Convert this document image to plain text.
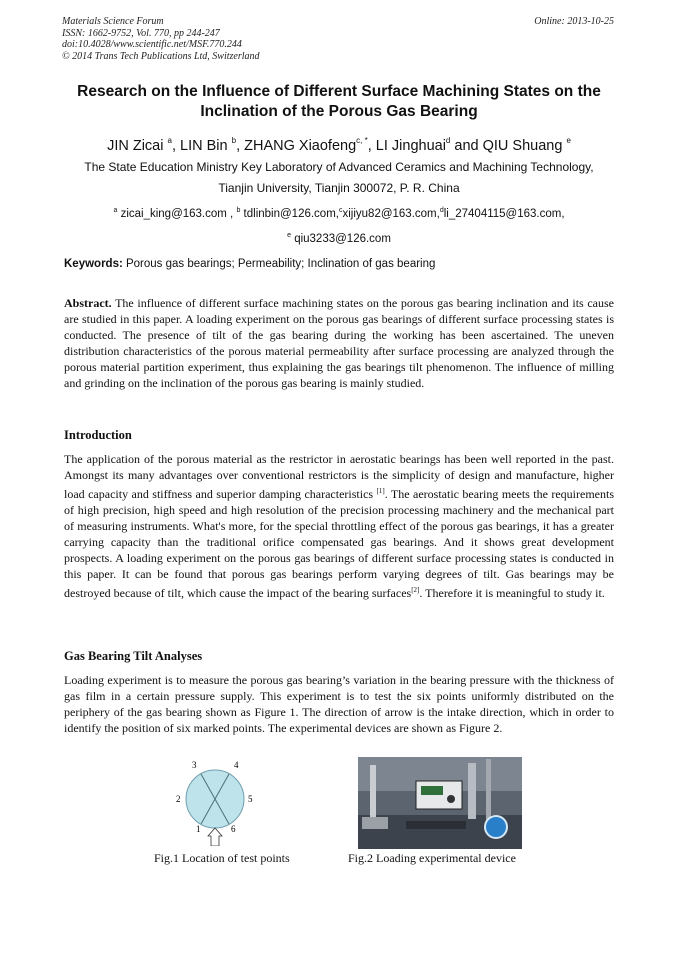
Materials Science Forum
ISSN: 1662-9752, Vol. 770, pp 244-247
doi:10.4028/www.scientific.net/MSF.770.244
© 2014 Trans Tech Publications Ltd, Switzerland
Online: 2013-10-25
Research on the Influence of Different Surface Machining States on the
Inclination of the Porous Gas Bearing
JIN Zicai $^a$, LIN Bin $^b$, ZHANG Xiaofeng$^{c, *}$, LI Jinghuai$^d$ and QIU Shuang $^e$
The State Education Ministry Key Laboratory of Advanced Ceramics and Machining Technology,
Tianjin University, Tianjin 300072, P. R. China
$^a$ zicai_king@163.com , $^b$ tdlinbin@126.com,$^c$xijiyu82@163.com,$^d$li_27404115@163.com,
$^e$ qiu3233@126.com
Keywords: Porous gas bearings; Permeability; Inclination of gas bearing
Abstract. The influence of different surface machining states on the porous gas bearing inclination and its cause are studied in this paper. A loading experiment on the porous gas bearings of different surface processing states is conducted. The presence of tilt of the gas bearing during the working has been ascertained. The uneven distribution characteristics of the porous material permeability after surface processing are analyzed through the porous material partition experiment, thus explaining the gas bearings tilt phenomenon. The influence of milling and grinding on the inclination of the porous gas bearing is mainly studied.
Introduction
The application of the porous material as the restrictor in aerostatic bearings has been well reported in the past. Amongst its many advantages over conventional restrictors is the simplicity of design and manufacture, higher load capacity and stiffness and superior damping characteristics [1]. The aerostatic bearing meets the requirements of high precision, high speed and high resolution of the precision processing machinery and the mechanical part of measuring instruments. What's more, for the special throttling effect of the porous gas bearings, it has a greater carrying capacity than the traditional orifice compensated gas bearings. And it shows great development prospects. A loading experiment on the porous gas bearings of different surface processing states is conducted in this paper. It can be found that porous gas bearings perform varying degrees of tilt. Gas bearings may be destroyed because of tilt, which cause the impact of the bearing surfaces[2]. Therefore it is meaningful to study it.
Gas Bearing Tilt Analyses
Loading experiment is to measure the porous gas bearing’s variation in the bearing pressure with the thickness of gas film in a certain pressure supply. This experiment is to test the six points uniformly distributed on the periphery of the gas bearing shown as Figure 1. The direction of arrow is the intake direction, which in order to identify the position of six marked points. The experimental devices are shown as Figure 2.
3	4
2	5
1	6
Fig.1 Location of test points	Fig.2 Loading experimental device
